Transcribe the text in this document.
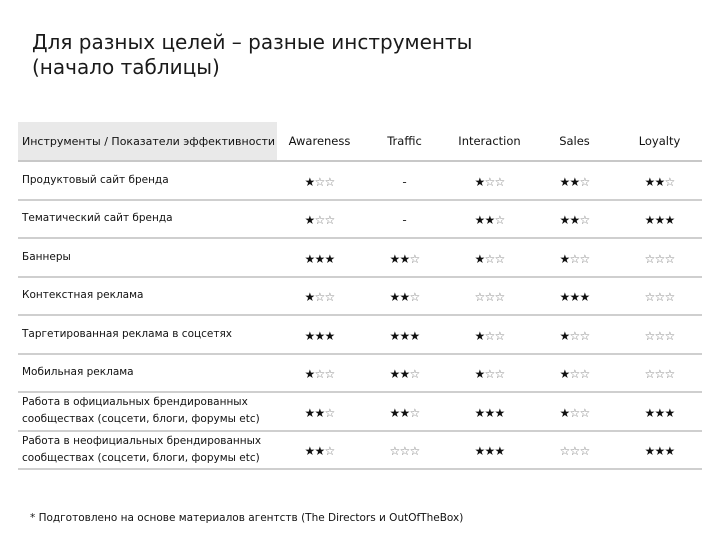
Для разных целей – разные инструменты
(начало таблицы)
Инструменты / Показатели эффективности	Awareness	Traffic	Interaction	Sales	Loyalty
Продуктовый сайт бренда	★☆☆	-	★☆☆	★★☆	★★☆
Тематический сайт бренда	★☆☆	-	★★☆	★★☆	★★★
Баннеры	★★★	★★☆	★☆☆	★☆☆	☆☆☆
Контекстная реклама	★☆☆	★★☆	☆☆☆	★★★	☆☆☆
Таргетированная реклама в соцсетях	★★★	★★★	★☆☆	★☆☆	☆☆☆
Мобильная реклама	★☆☆	★★☆	★☆☆	★☆☆	☆☆☆
Работа в официальных брендированных сообществах (соцсети, блоги, форумы etc)	★★☆	★★☆	★★★	★☆☆	★★★
Работа в неофициальных брендированных сообществах (соцсети, блоги, форумы etc)	★★☆	☆☆☆	★★★	☆☆☆	★★★
* Подготовлено на основе материалов агентств (The Directors и OutOfTheBox)
